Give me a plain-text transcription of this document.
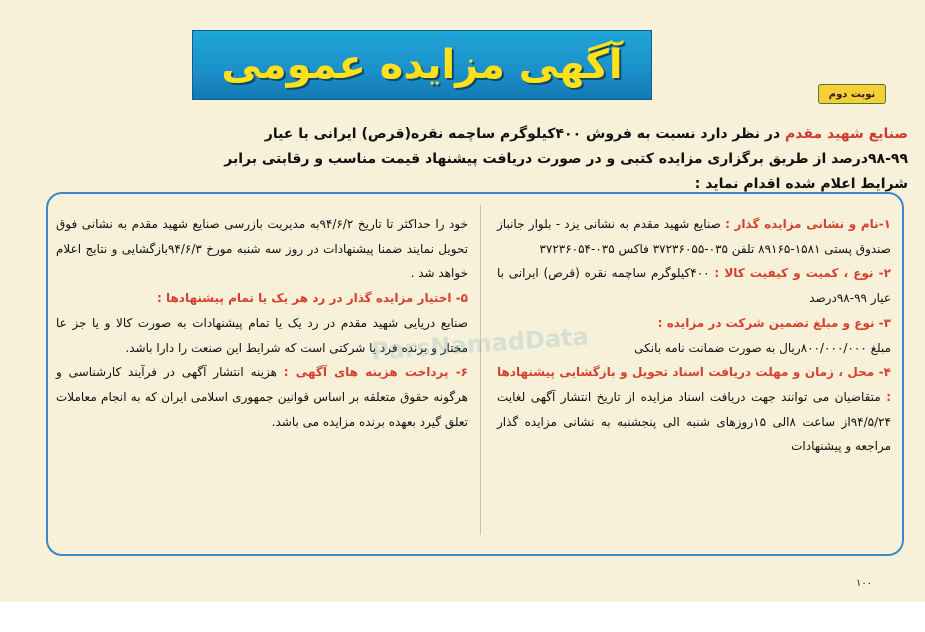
آگهی مزایده عمومی
نوبت دوم
صنایع شهید مقدم در نظر دارد نسبت به فروش ۴۰۰کیلوگرم ساچمه نقره(قرص) ایرانی با عیار ۹۹-۹۸درصد از طریق برگزاری مزایده کتبی و در صورت دریافت پیشنهاد قیمت مناسب و رقابتی برابر شرایط اعلام شده اقدام نماید :
۱-نام و نشانی مزایده گذار : صنایع شهید مقدم به نشانی یزد - بلوار جانباز صندوق پستی ۱۵۸۱-۸۹۱۶۵ تلفن ۰۳۵-۳۷۲۳۶۰۵۵ فاکس ۰۳۵-۳۷۲۳۶۰۵۴
۲- نوع ، کمیت و کیفیت کالا : ۴۰۰کیلوگرم ساچمه نقره (قرص) ایرانی با عیار ۹۹-۹۸درصد
۳- نوع و مبلغ تضمین شرکت در مزایده :
مبلغ ۸۰۰/۰۰۰/۰۰۰ریال به صورت ضمانت نامه بانکی
۴- محل ، زمان و مهلت دریافت اسناد تحویل و بازگشایی پیشنهادها : متقاضیان می توانند جهت دریافت اسناد مزایده از تاریخ انتشار آگهی لغایت ۹۴/۵/۲۴از ساعت ۸الی ۱۵روزهای شنبه الی پنجشنبه به نشانی مزایده گذار مراجعه و پیشنهادات
خود را حداکثر تا تاریخ ۹۴/۶/۲به مدیریت بازرسی صنایع شهید مقدم به نشانی فوق تحویل نمایند ضمنا پیشنهادات در روز سه شنبه مورخ ۹۴/۶/۳بازگشایی و نتایج اعلام خواهد شد .
۵- اختیار مزایده گذار در رد هر یک یا تمام پیشنهادها :
صنایع دریایی شهید مقدم در رد یک یا تمام پیشنهادات به صورت کالا و یا جز عا مختار و برنده فرد یا شرکتی است که شرایط این صنعت را دارا باشد.
۶- پرداخت هزینه های آگهی : هزینه انتشار آگهی در فرآیند کارشناسی و هرگونه حقوق متعلقه بر اساس قوانین جمهوری اسلامی ایران که به انجام معاملات تعلق گیرد بعهده برنده مزایده می باشد.
ParsNamadData
۱۰۰
